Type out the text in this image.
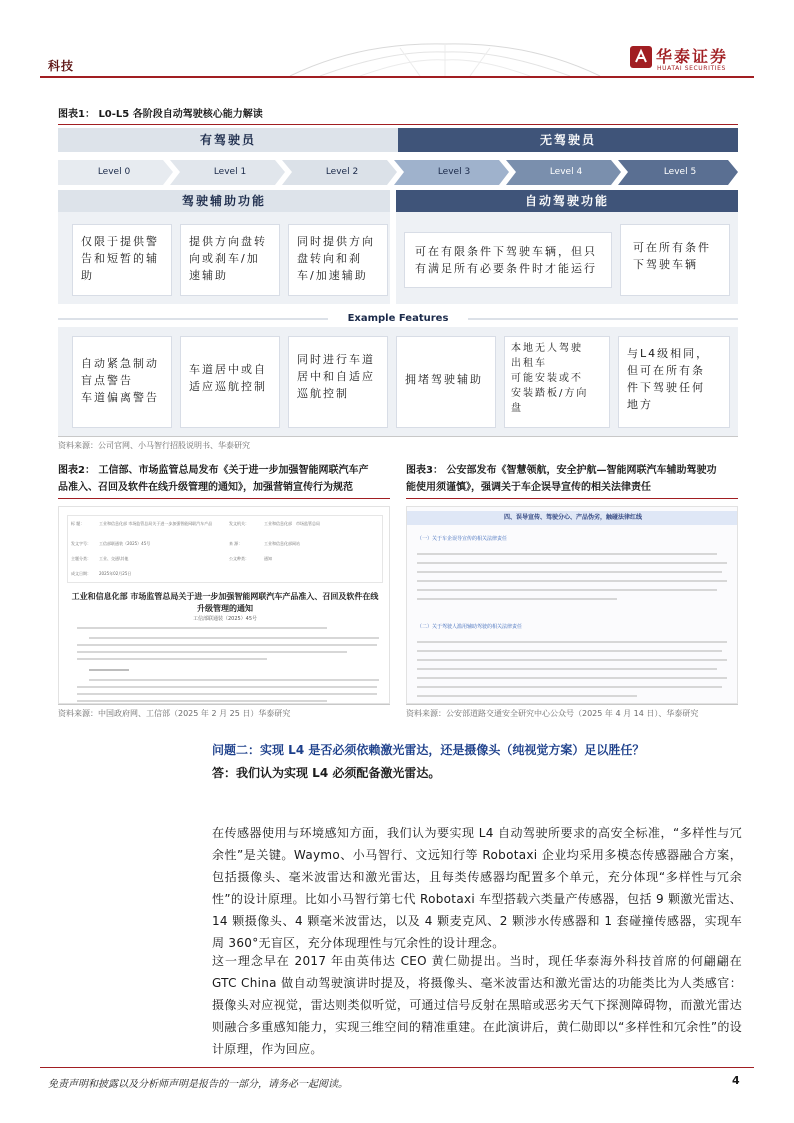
科技	华泰证券
HUATAI SECURITIES
图表1： L0-L5 各阶段自动驾驶核心能力解读
有驾驶员	无驾驶员
Level 0	Level 1	Level 2	Level 3	Level 4	Level 5
驾驶辅助功能	自动驾驶功能
仅限于提供警告和短暂的辅助
提供方向盘转向或刹车/加速辅助
同时提供方向盘转向和刹车/加速辅助
可在有限条件下驾驶车辆，但只有满足所有必要条件时才能运行
可在所有条件下驾驶车辆
Example Features
自动紧急制动
盲点警告
车道偏离警告
车道居中或自
适应巡航控制
同时进行车道
居中和自适应
巡航控制
拥堵驾驶辅助
本地无人驾驶
出租车
可能安装或不
安装踏板/方向
盘
与L4级相同，
但可在所有条
件下驾驶任何
地方
资料来源：公司官网、小马智行招股说明书、华泰研究
图表2： 工信部、市场监管总局发布《关于进一步加强智能网联汽车产
品准入、召回及软件在线升级管理的通知》，加强营销宣传行为规范
标 题：	工业和信息化部 市场监管总局关于进一步加强智能网联汽车产品	发文机关：	工业和信息化部　市场监管总局
发文字号： 工信部联通装（2025）45号	来 源：	工业和信息化部网站
主题分类： 工业、交通\其他	公文种类：	通知
成文日期： 2025年02月25日
工业和信息化部 市场监管总局关于进一步加强智能网联汽车产品准入、召回及软件在线
升级管理的通知
工信部联通装（2025）45号
资料来源：中国政府网、工信部（2025 年 2 月 25 日）华泰研究
图表3： 公安部发布《智慧领航，安全护航—智能网联汽车辅助驾驶功
能使用须谨慎》，强调关于车企误导宣传的相关法律责任
四、误导宣传、驾驶分心、产品伪劣，触碰法律红线
（一）关于车企误导宣传的相关法律责任
（二）关于驾驶人滥用辅助驾驶的相关法律责任
资料来源：公安部道路交通安全研究中心公众号（2025 年 4 月 14 日）、华泰研究
问题二：实现 L4 是否必须依赖激光雷达，还是摄像头（纯视觉方案）足以胜任？
答：我们认为实现 L4 必须配备激光雷达。
在传感器使用与环境感知方面，我们认为要实现 L4 自动驾驶所要求的高安全标准，“多样性与冗余性”是关键。Waymo、小马智行、文远知行等 Robotaxi 企业均采用多模态传感器融合方案，包括摄像头、毫米波雷达和激光雷达，且每类传感器均配置多个单元，充分体现“多样性与冗余性”的设计原理。比如小马智行第七代 Robotaxi 车型搭载六类量产传感器，包括 9 颗激光雷达、14 颗摄像头、4 颗毫米波雷达，以及 4 颗麦克风、2 颗涉水传感器和 1 套碰撞传感器，实现车周 360°无盲区，充分体现理性与冗余性的设计理念。
这一理念早在 2017 年由英伟达 CEO 黄仁勋提出。当时，现任华泰海外科技首席的何翩翩在 GTC China 做自动驾驶演讲时提及，将摄像头、毫米波雷达和激光雷达的功能类比为人类感官：摄像头对应视觉，雷达则类似听觉，可通过信号反射在黑暗或恶劣天气下探测障碍物，而激光雷达则融合多重感知能力，实现三维空间的精准重建。在此演讲后，黄仁勋即以“多样性和冗余性”的设计原理，作为回应。
免责声明和披露以及分析师声明是报告的一部分，请务必一起阅读。	4
